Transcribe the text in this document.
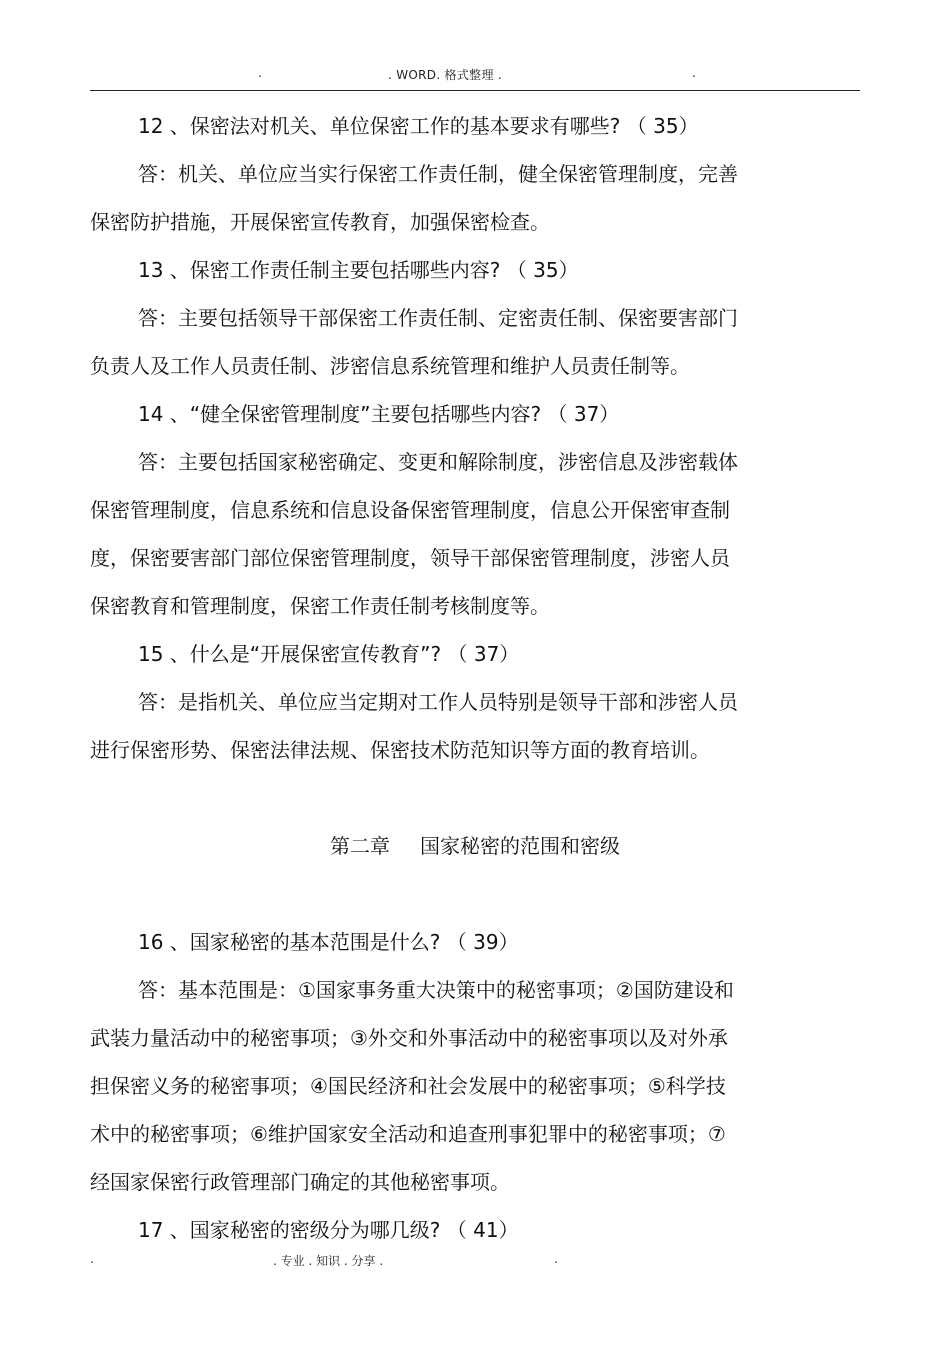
.	. WORD. 格式整理 .	.
12 、保密法对机关、单位保密工作的基本要求有哪些? （ 35）
答：机关、单位应当实行保密工作责任制，健全保密管理制度，完善
保密防护措施，开展保密宣传教育，加强保密检查。
13 、保密工作责任制主要包括哪些内容? （ 35）
答：主要包括领导干部保密工作责任制、定密责任制、保密要害部门
负责人及工作人员责任制、涉密信息系统管理和维护人员责任制等。
14 、“健全保密管理制度”主要包括哪些内容? （ 37）
答：主要包括国家秘密确定、变更和解除制度，涉密信息及涉密载体
保密管理制度，信息系统和信息设备保密管理制度，信息公开保密审查制
度，保密要害部门部位保密管理制度，领导干部保密管理制度，涉密人员
保密教育和管理制度，保密工作责任制考核制度等。
15 、什么是“开展保密宣传教育”? （ 37）
答：是指机关、单位应当定期对工作人员特别是领导干部和涉密人员
进行保密形势、保密法律法规、保密技术防范知识等方面的教育培训。
第二章 国家秘密的范围和密级
16 、国家秘密的基本范围是什么? （ 39）
答：基本范围是：①国家事务重大决策中的秘密事项；②国防建设和
武装力量活动中的秘密事项；③外交和外事活动中的秘密事项以及对外承
担保密义务的秘密事项；④国民经济和社会发展中的秘密事项；⑤科学技
术中的秘密事项；⑥维护国家安全活动和追查刑事犯罪中的秘密事项；⑦
经国家保密行政管理部门确定的其他秘密事项。
17 、国家秘密的密级分为哪几级? （ 41）
.	. 专业 . 知识 . 分享 .	.
